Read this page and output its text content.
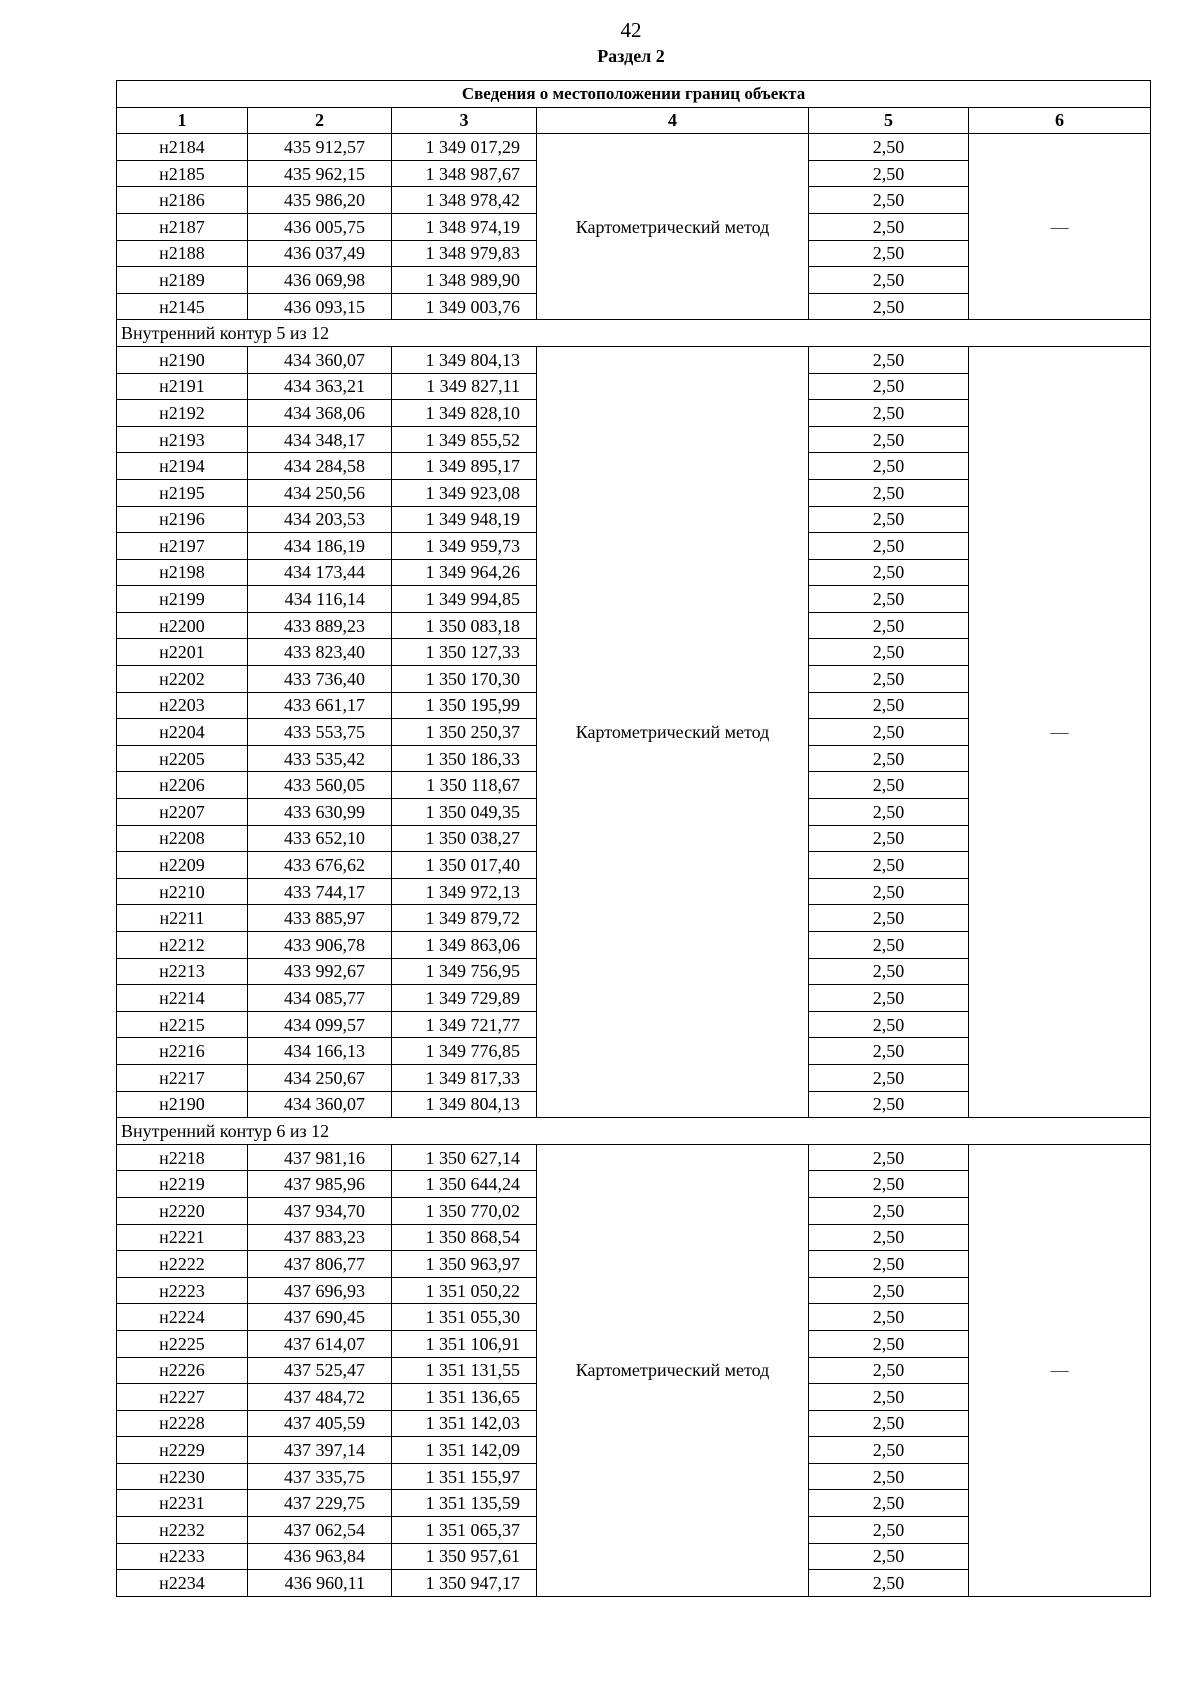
42
Раздел 2
Сведения о местоположении границ объекта					
1	2	3	4	5	6
н2184	435 912,57	1 349 017,29	Картометрический метод	2,50	—
н2185	435 962,15	1 348 987,67		2,50	
н2186	435 986,20	1 348 978,42		2,50	
н2187	436 005,75	1 348 974,19		2,50	
н2188	436 037,49	1 348 979,83		2,50	
н2189	436 069,98	1 348 989,90		2,50	
н2145	436 093,15	1 349 003,76		2,50	
Внутренний контур 5 из 12					
н2190	434 360,07	1 349 804,13	Картометрический метод	2,50	—
н2191	434 363,21	1 349 827,11		2,50	
н2192	434 368,06	1 349 828,10		2,50	
н2193	434 348,17	1 349 855,52		2,50	
н2194	434 284,58	1 349 895,17		2,50	
н2195	434 250,56	1 349 923,08		2,50	
н2196	434 203,53	1 349 948,19		2,50	
н2197	434 186,19	1 349 959,73		2,50	
н2198	434 173,44	1 349 964,26		2,50	
н2199	434 116,14	1 349 994,85		2,50	
н2200	433 889,23	1 350 083,18		2,50	
н2201	433 823,40	1 350 127,33		2,50	
н2202	433 736,40	1 350 170,30		2,50	
н2203	433 661,17	1 350 195,99		2,50	
н2204	433 553,75	1 350 250,37		2,50	
н2205	433 535,42	1 350 186,33		2,50	
н2206	433 560,05	1 350 118,67		2,50	
н2207	433 630,99	1 350 049,35		2,50	
н2208	433 652,10	1 350 038,27		2,50	
н2209	433 676,62	1 350 017,40		2,50	
н2210	433 744,17	1 349 972,13		2,50	
н2211	433 885,97	1 349 879,72		2,50	
н2212	433 906,78	1 349 863,06		2,50	
н2213	433 992,67	1 349 756,95		2,50	
н2214	434 085,77	1 349 729,89		2,50	
н2215	434 099,57	1 349 721,77		2,50	
н2216	434 166,13	1 349 776,85		2,50	
н2217	434 250,67	1 349 817,33		2,50	
н2190	434 360,07	1 349 804,13		2,50	
Внутренний контур 6 из 12					
н2218	437 981,16	1 350 627,14	Картометрический метод	2,50	—
н2219	437 985,96	1 350 644,24		2,50	
н2220	437 934,70	1 350 770,02		2,50	
н2221	437 883,23	1 350 868,54		2,50	
н2222	437 806,77	1 350 963,97		2,50	
н2223	437 696,93	1 351 050,22		2,50	
н2224	437 690,45	1 351 055,30		2,50	
н2225	437 614,07	1 351 106,91		2,50	
н2226	437 525,47	1 351 131,55		2,50	
н2227	437 484,72	1 351 136,65		2,50	
н2228	437 405,59	1 351 142,03		2,50	
н2229	437 397,14	1 351 142,09		2,50	
н2230	437 335,75	1 351 155,97		2,50	
н2231	437 229,75	1 351 135,59		2,50	
н2232	437 062,54	1 351 065,37		2,50	
н2233	436 963,84	1 350 957,61		2,50	
н2234	436 960,11	1 350 947,17		2,50	
